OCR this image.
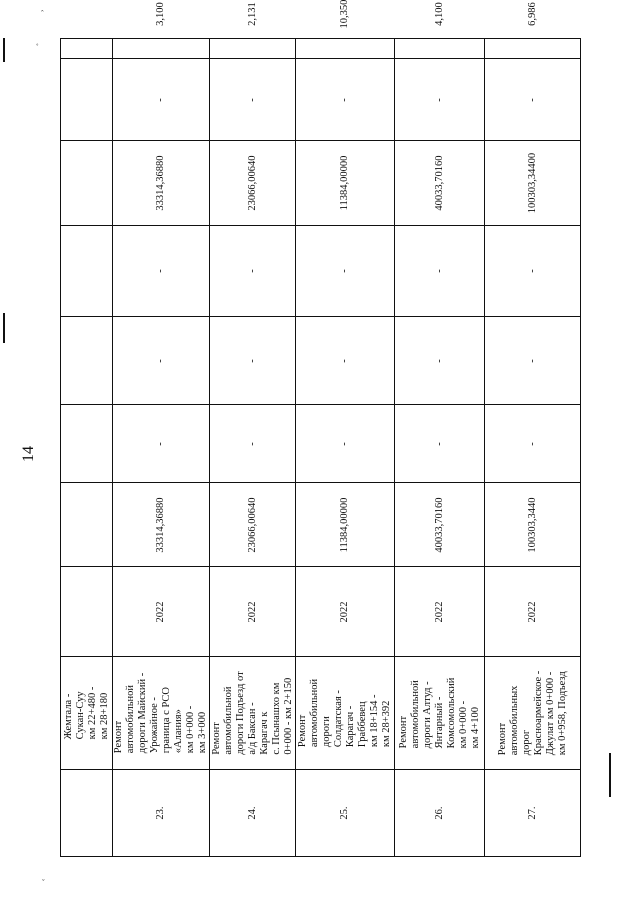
ˆ
˚
ˇ
14
Жемтала - Сукан-Суу км 22+480 - км 28+180
23.
Ремонт автомобильной дороги Майский - Урожайное - граница с РСО «Алания» км 0+000 - км 3+000
2022
33314,36880
-
-
-
33314,36880
-
3,100
24.
Ремонт автомобильной дороги Подъезд от а/д Баксан - Карагач к с. Псынашхо км 0+000 - км 2+150
2022
23066,00640
-
-
-
23066,00640
-
2,131
25.
Ремонт автомобильной дороги Солдатская - Карагач - Граббевец км 18+154 - км 28+392
2022
11384,00000
-
-
-
11384,00000
-
10,350
26.
Ремонт автомобильной дороги Алтуд - Янтарный - Комсомольский км 0+000 - км 4+100
2022
40033,70160
-
-
-
40033,70160
-
4,100
27.
Ремонт автомобильных дорог Красноармейское - Джулат км 0+000 - км 0+958, Подъезд
2022
100303,3440
-
-
-
100303,34400
-
6,986
